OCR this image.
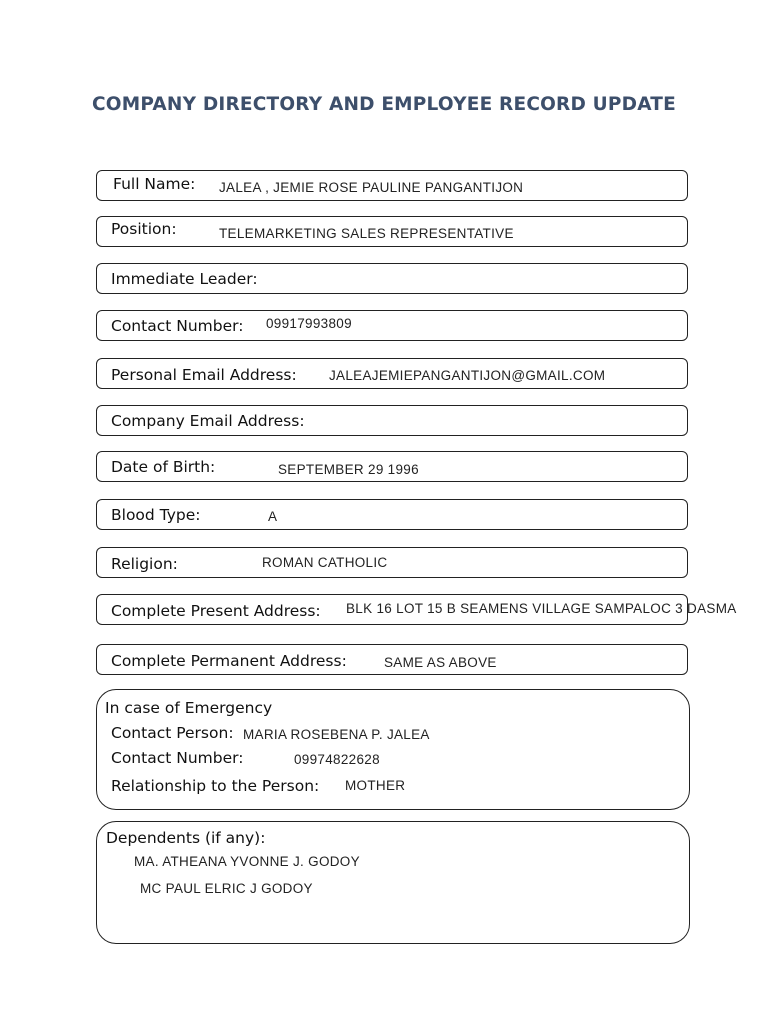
COMPANY DIRECTORY AND EMPLOYEE RECORD UPDATE
Full Name: JALEA , JEMIE ROSE PAULINE PANGANTIJON
Position:	TELEMARKETING SALES REPRESENTATIVE
Immediate Leader:
Contact Number: 09917993809
Personal Email Address: JALEAJEMIEPANGANTIJON@GMAIL.COM
Company Email Address:
Date of Birth:	SEPTEMBER 29 1996
Blood Type:	A
Religion:	ROMAN CATHOLIC
Complete Present Address: BLK 16 LOT 15 B SEAMENS VILLAGE SAMPALOC 3 DASMA
Complete Permanent Address:	SAME AS ABOVE
In case of Emergency
Contact Person: MARIA ROSEBENA P. JALEA
Contact Number:	09974822628
Relationship to the Person: MOTHER
Dependents (if any):
MA. ATHEANA YVONNE J. GODOY
MC PAUL ELRIC J GODOY
